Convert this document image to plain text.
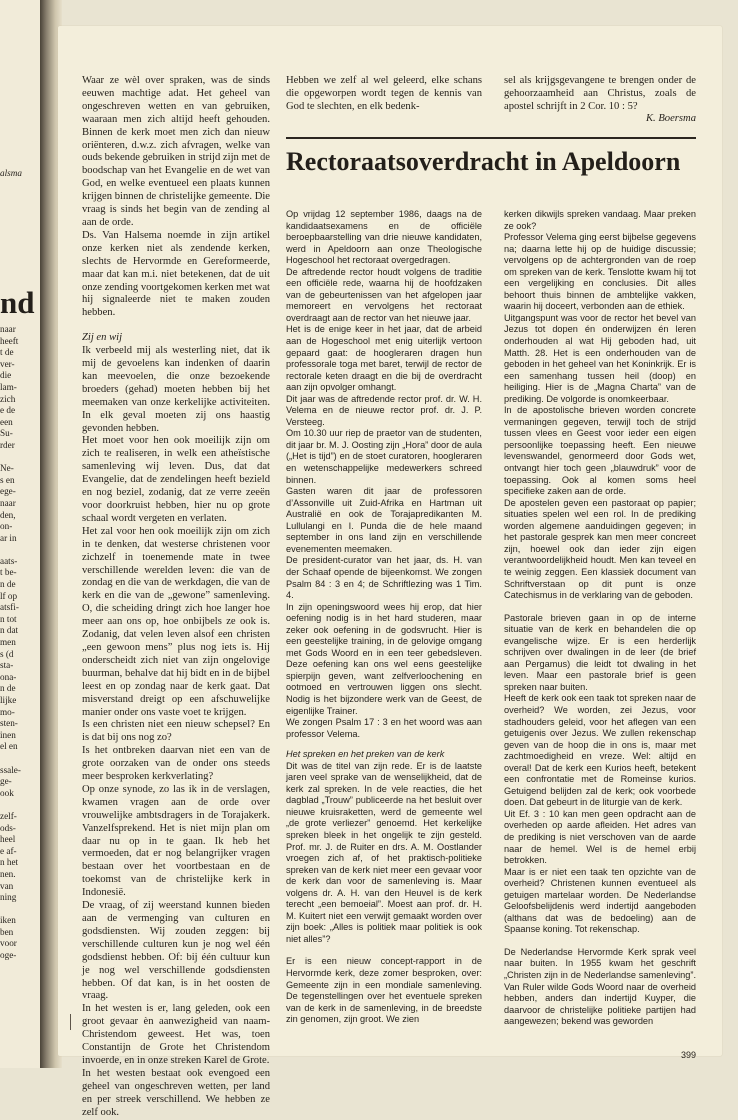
alsma
nd
naar
heeft
t de
ver-
die
lam-
zich
e de
een
Su-
rder
Ne-
s en
ege-
naar
den,
on-
ar in
aats-
t be-
n de
lf op
atsfi-
n tot
n dat
men
s (d
sta-
ona-
n de
lijke
mo-
sten-
inen
el en
ssale-
ge-
ook
zelf-
ods-
heel
e af-
n het
nen.
van
ning
iken
ben
voor
oge-

Waar ze wèl over spraken, was de sinds eeuwen machtige adat. Het geheel van ongeschreven wetten en van gebruiken, waaraan men zich altijd heeft gehouden. Binnen de kerk moet men zich dan nieuw oriënteren, d.w.z. zich afvragen, welke van ouds bekende gebruiken in strijd zijn met de boodschap van het Evangelie en de wet van God, en welke eventueel een plaats kunnen krijgen binnen de christelijke gemeente. Die vraag is sinds het begin van de zending al aan de orde.

Ds. Van Halsema noemde in zijn artikel onze kerken niet als zendende kerken, slechts de Hervormde en Gereformeerde, maar dat kan m.i. niet betekenen, dat de uit onze zending voortgekomen kerken met wat hij signaleerde niet te maken zouden hebben.

Zij en wij

Ik verbeeld mij als westerling niet, dat ik mij de gevoelens kan indenken of daarin kan meevoelen, die onze bezoekende broeders (gehad) moeten hebben bij het meemaken van onze kerkelijke activiteiten. In elk geval moeten zij ons haastig gevonden hebben.

Het moet voor hen ook moeilijk zijn om zich te realiseren, in welk een atheïstische samenleving wij leven. Dus, dat dat Evangelie, dat de zendelingen heeft bezield en nog beziel, zodanig, dat ze verre zeeën voor doorkruist hebben, hier nu op grote schaal wordt vergeten en verlaten.

Het zal voor hen ook moeilijk zijn om zich in te denken, dat westerse christenen voor zichzelf in toenemende mate in twee verschillende werelden leven: die van de zondag en die van de werkdagen, die van de kerk en die van de „gewone” samenleving. O, die scheiding dringt zich hoe langer hoe meer aan ons op, hoe onbijbels ze ook is. Zodanig, dat velen leven alsof een christen „een gewoon mens” plus nog iets is. Hij onderscheidt zich niet van zijn ongelovige buurman, behalve dat hij bidt en in de bijbel leest en op zondag naar de kerk gaat. Dat misverstand dreigt op een afschuwelijke manier onder ons vaste voet te krijgen.

Is een christen niet een nieuw schepsel? En is dat bij ons nog zo?

Is het ontbreken daarvan niet een van de grote oorzaken van de onder ons steeds meer besproken kerkverlating?

Op onze synode, zo las ik in de verslagen, kwamen vragen aan de orde over vrouwelijke ambtsdragers in de Torajakerk. Vanzelfsprekend. Het is niet mijn plan om daar nu op in te gaan. Ik heb het vermoeden, dat er nog belangrijker vragen bestaan over het voortbestaan en de toekomst van de christelijke kerk in Indonesië.

De vraag, of zij weerstand kunnen bieden aan de vermenging van culturen en godsdiensten. Wij zouden zeggen: bij verschillende culturen kun je nog wel één godsdienst hebben. Of: bij één cultuur kun je nog wel verschillende godsdiensten hebben. Of dat kan, is in het oosten de vraag.

In het westen is er, lang geleden, ook een groot gevaar èn aanwezigheid van naam-Christendom geweest. Het was, toen Constantijn de Grote het Christendom invoerde, en in onze streken Karel de Grote.

In het westen bestaat ook evengoed een geheel van ongeschreven wetten, per land en per streek verschillend. We hebben ze zelf ook.

Hebben we zelf al wel geleerd, elke schans die opgeworpen wordt tegen de kennis van God te slechten, en elk bedenk-

sel als krijgsgevangene te brengen onder de gehoorzaamheid aan Christus, zoals de apostel schrijft in 2 Cor. 10 : 5?

K. Boersma
Rectoraatsoverdracht in Apeldoorn

Op vrijdag 12 september 1986, daags na de kandidaatsexamens en de officiële beroepbaarstelling van drie nieuwe kandidaten, werd in Apeldoorn aan onze Theologische Hogeschool het rectoraat overgedragen.

De aftredende rector houdt volgens de traditie een officiële rede, waarna hij de hoofdzaken van de gebeurtenissen van het afgelopen jaar memoreert en vervolgens het rectoraat overdraagt aan de rector van het nieuwe jaar.

Het is de enige keer in het jaar, dat de arbeid aan de Hogeschool met enig uiterlijk vertoon gepaard gaat: de hoogleraren dragen hun professorale toga met baret, terwijl de rector de rectorale keten draagt en die bij de overdracht aan zijn opvolger omhangt.

Dit jaar was de aftredende rector prof. dr. W. H. Velema en de nieuwe rector prof. dr. J. P. Versteeg.

Om 10.30 uur riep de praetor van de studenten, dit jaar br. M. J. Oosting zijn „Hora” door de aula („Het is tijd”) en de stoet curatoren, hoogleraren en wetenschappelijke medewerkers schreed binnen.

Gasten waren dit jaar de professoren d’Assonville uit Zuid-Afrika en Hartman uit Australië en ook de Torajapredikanten M. Lullulangi en I. Punda die de hele maand september in ons land zijn en verschillende evenementen meemaken.

De president-curator van het jaar, ds. H. van der Schaaf opende de bijeenkomst. We zongen Psalm 84 : 3 en 4; de Schriftlezing was 1 Tim. 4.

In zijn openingswoord wees hij erop, dat hier oefening nodig is in het hard studeren, maar zeker ook oefening in de godsvrucht. Hier is een geestelijke training, in de gelovige omgang met Gods Woord en in een teer gebedsleven. Deze oefening kan ons wel eens geestelijke spierpijn geven, want zelfverloochening en ootmoed en vertrouwen liggen ons slecht. Nodig is het bijzondere werk van de Geest, de eigenlijke Trainer.

We zongen Psalm 17 : 3 en het woord was aan professor Velema.

Het spreken en het preken van de kerk

Dit was de titel van zijn rede. Er is de laatste jaren veel sprake van de wenselijkheid, dat de kerk zal spreken. In de vele reacties, die het dagblad „Trouw” publiceerde na het besluit over nieuwe kruisraketten, werd de gemeente wel „de grote verliezer” genoemd. Het kerkelijke spreken bleek in het ongelijk te zijn gesteld. Prof. mr. J. de Ruiter en drs. A. M. Oostlander vroegen zich af, of het praktisch-politieke spreken van de kerk niet meer een gevaar voor de kerk dan voor de samenleving is. Maar volgens dr. A. H. van den Heuvel is de kerk terecht „een bemoeial”. Moest aan prof. dr. H. M. Kuitert niet een verwijt gemaakt worden over zijn boek: „Alles is politiek maar politiek is ook niet alles”?

Er is een nieuw concept-rapport in de Hervormde kerk, deze zomer besproken, over: Gemeente zijn in een mondiale samenleving. De tegenstellingen over het eventuele spreken van de kerk in de samenleving, in de breedste zin genomen, zijn groot. We zien

kerken dikwijls spreken vandaag. Maar preken ze ook?

Professor Velema ging eerst bijbelse gegevens na; daarna lette hij op de huidige discussie; vervolgens op de achtergronden van de roep om spreken van de kerk. Tenslotte kwam hij tot een vergelijking en conclusies. Dit alles behoort thuis binnen de ambtelijke vakken, waarin hij doceert, verbonden aan de ethiek.

Uitgangspunt was voor de rector het bevel van Jezus tot dopen én onderwijzen én leren onderhouden al wat Hij geboden had, uit Matth. 28. Het is een onderhouden van de geboden in het geheel van het Koninkrijk. Er is een samenhang tussen heil (doop) en heiliging. Hier is de „Magna Charta” van de prediking. De volgorde is onomkeerbaar.

In de apostolische brieven worden concrete vermaningen gegeven, terwijl toch de strijd tussen vlees en Geest voor ieder een eigen persoonlijke toepassing heeft. Een nieuwe levenswandel, genormeerd door Gods wet, ontvangt hier toch geen „blauwdruk” voor de toepassing. Ook al komen soms heel specifieke zaken aan de orde.

De apostelen geven een pastoraat op papier; situaties spelen wel een rol. In de prediking worden algemene aanduidingen gegeven; in het pastorale gesprek kan men meer concreet zijn, hoewel ook dan ieder zijn eigen verantwoordelijkheid houdt. Men kan teveel en te weinig zeggen. Een klassiek document van Schriftverstaan op dit punt is onze Catechismus in de verklaring van de geboden.

Pastorale brieven gaan in op de interne situatie van de kerk en behandelen die op evangelische wijze. Er is een herderlijk schrijven over dwalingen in de leer (de brief aan Pergamus) die leidt tot dwaling in het leven. Maar een pastorale brief is geen spreken naar buiten.

Heeft de kerk ook een taak tot spreken naar de overheid? We worden, zei Jezus, voor stadhouders geleid, voor het aflegen van een getuigenis over Jezus. We zullen rekenschap geven van de hoop die in ons is, maar met zachtmoedigheid en vreze. Wel: altijd en overal! Dat de kerk een Kurios heeft, betekent een confrontatie met de Romeinse kurios. Getuigend belijden zal de kerk; ook voorbede doen. Dat gebeurt in de liturgie van de kerk.

Uit Ef. 3 : 10 kan men geen opdracht aan de overheden op aarde afleiden. Het adres van de prediking is niet verschoven van de aarde naar de hemel. Wel is de hemel erbij betrokken.

Maar is er niet een taak ten opzichte van de overheid? Christenen kunnen eventueel als getuigen martelaar worden. De Nederlandse Geloofsbelijdenis werd indertijd aangeboden (althans dat was de bedoeling) aan de Spaanse koning. Tot rekenschap.

De Nederlandse Hervormde Kerk sprak veel naar buiten. In 1955 kwam het geschrift „Christen zijn in de Nederlandse samenleving”. Van Ruler wilde Gods Woord naar de overheid hebben, anders dan indertijd Kuyper, die daarvoor de christelijke politieke partijen had aangewezen; bekend was geworden

399
